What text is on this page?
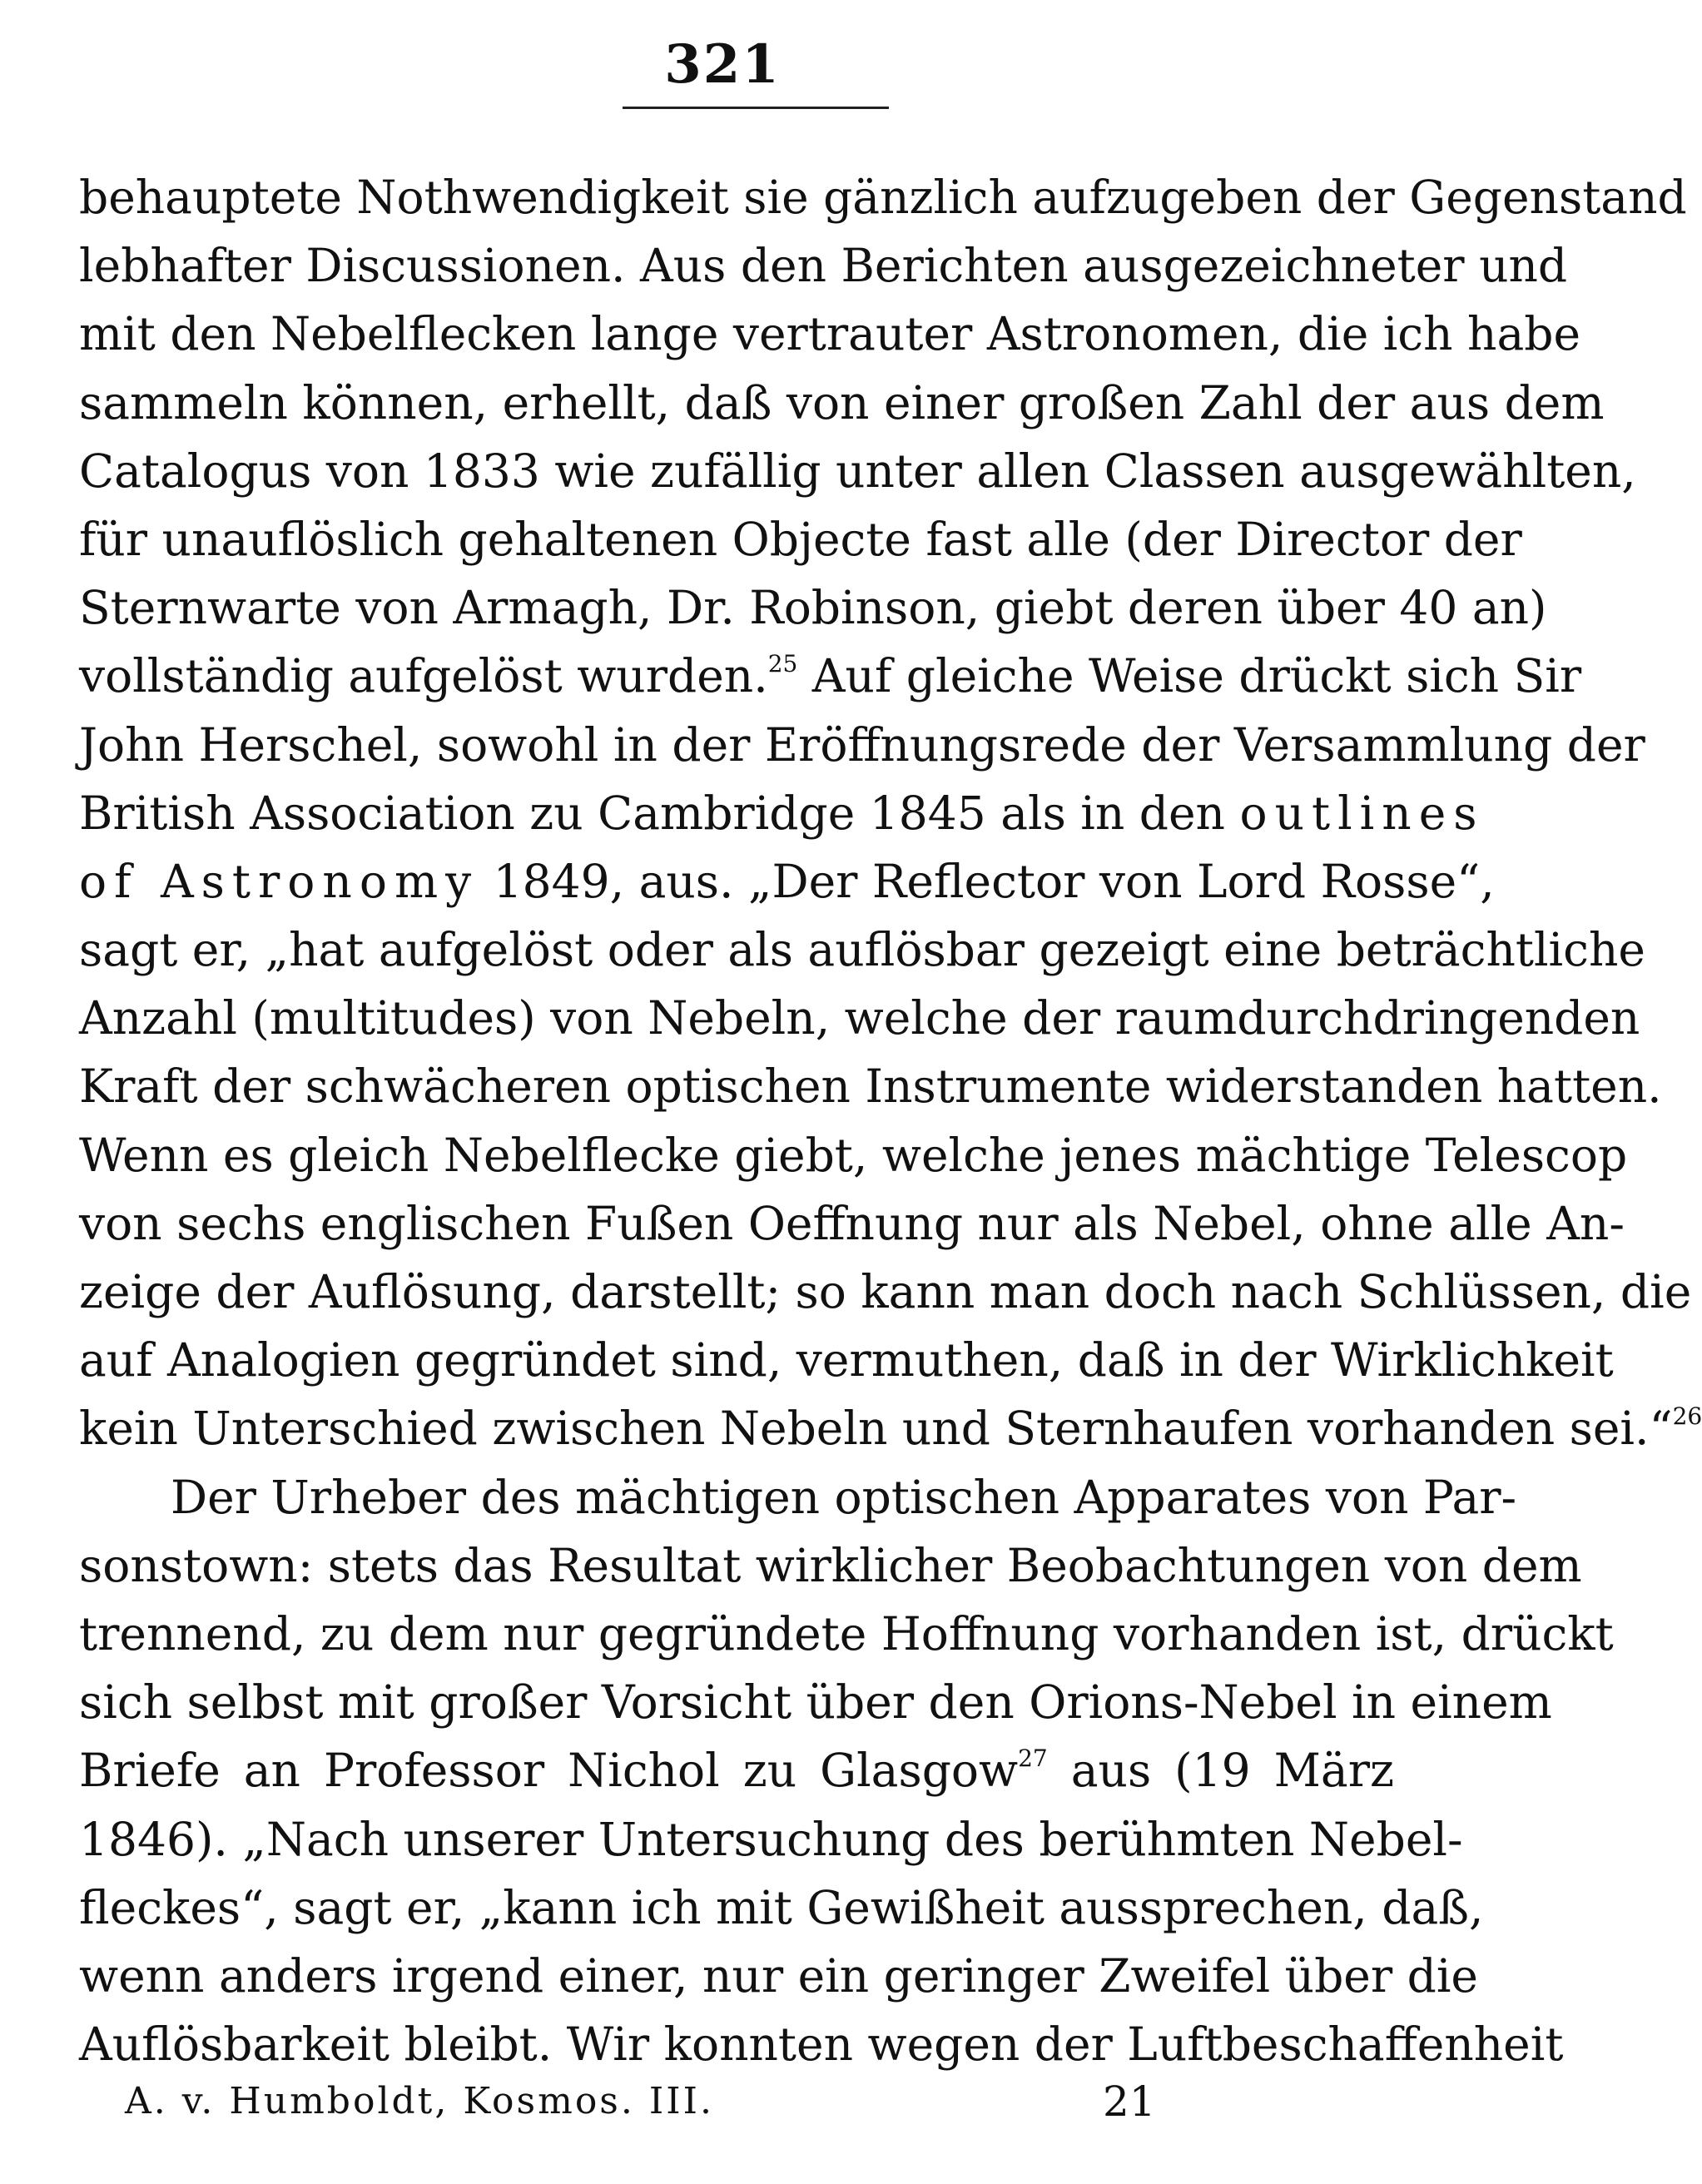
321
behauptete Nothwendigkeit sie gänzlich aufzugeben der Gegenstand
lebhafter Discussionen. Aus den Berichten ausgezeichneter und
mit den Nebelflecken lange vertrauter Astronomen, die ich habe
sammeln können, erhellt, daß von einer großen Zahl der aus dem
Catalogus von 1833 wie zufällig unter allen Classen ausgewählten,
für unauflöslich gehaltenen Objecte fast alle (der Director der
Sternwarte von Armagh, Dr. Robinson, giebt deren über 40 an)
vollständig aufgelöst wurden.$^{25}$ Auf gleiche Weise drückt sich Sir
John Herschel, sowohl in der Eröffnungsrede der Versammlung der
British Association zu Cambridge 1845 als in den outlines
of Astronomy 1849, aus. „Der Reflector von Lord Rosse“,
sagt er, „hat aufgelöst oder als auflösbar gezeigt eine beträchtliche
Anzahl (multitudes) von Nebeln, welche der raumdurchdringenden
Kraft der schwächeren optischen Instrumente widerstanden hatten.
Wenn es gleich Nebelflecke giebt, welche jenes mächtige Telescop
von sechs englischen Fußen Oeffnung nur als Nebel, ohne alle An-
zeige der Auflösung, darstellt; so kann man doch nach Schlüssen, die
auf Analogien gegründet sind, vermuthen, daß in der Wirklichkeit
kein Unterschied zwischen Nebeln und Sternhaufen vorhanden sei.“$^{26}$
Der Urheber des mächtigen optischen Apparates von Par-
sonstown: stets das Resultat wirklicher Beobachtungen von dem
trennend, zu dem nur gegründete Hoffnung vorhanden ist, drückt
sich selbst mit großer Vorsicht über den Orions-Nebel in einem
Briefe an Professor Nichol zu Glasgow$^{27}$ aus (19 März
1846). „Nach unserer Untersuchung des berühmten Nebel-
fleckes“, sagt er, „kann ich mit Gewißheit aussprechen, daß,
wenn anders irgend einer, nur ein geringer Zweifel über die
Auflösbarkeit bleibt. Wir konnten wegen der Luftbeschaffenheit
A. v. Humboldt, Kosmos. III.	21
